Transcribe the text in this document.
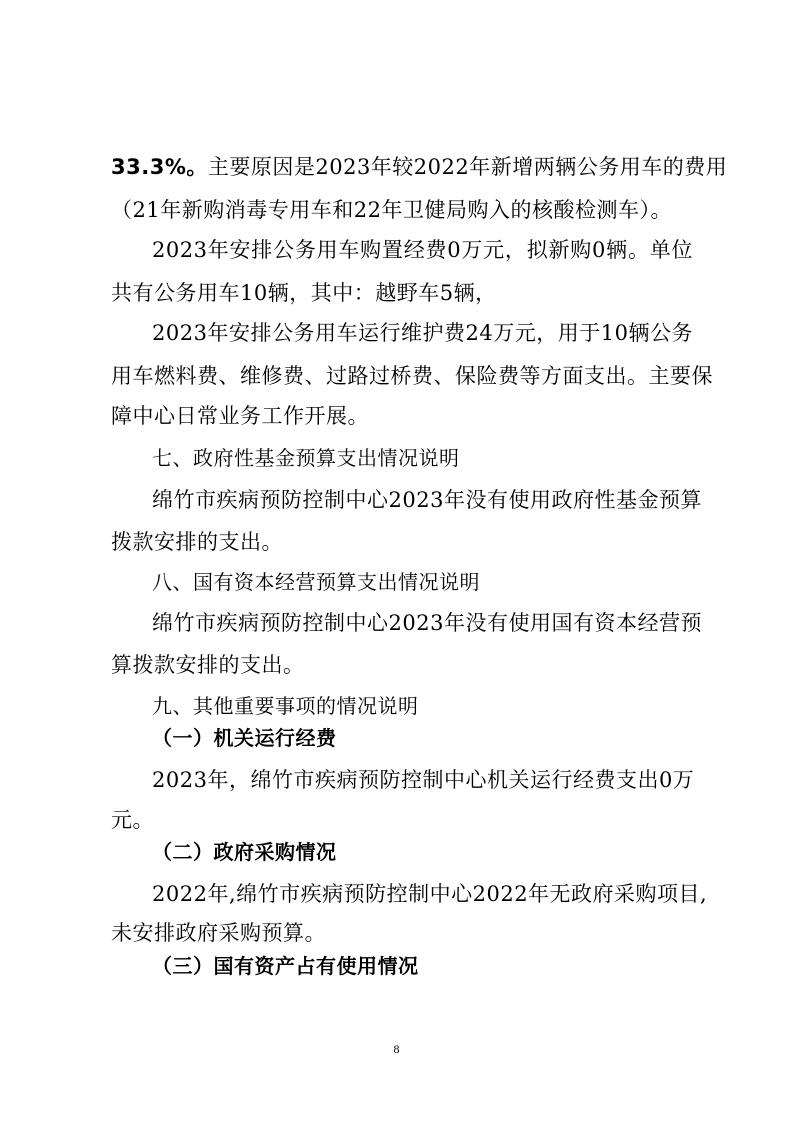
33.3%。主要原因是2023年较2022年新增两辆公务用车的费用

（21年新购消毒专用车和22年卫健局购入的核酸检测车）。

2023年安排公务用车购置经费0万元，拟新购0辆。单位

共有公务用车10辆，其中：越野车5辆，

2023年安排公务用车运行维护费24万元，用于10辆公务

用车燃料费、维修费、过路过桥费、保险费等方面支出。主要保

障中心日常业务工作开展。

七、政府性基金预算支出情况说明

绵竹市疾病预防控制中心2023年没有使用政府性基金预算

拨款安排的支出。

八、国有资本经营预算支出情况说明

绵竹市疾病预防控制中心2023年没有使用国有资本经营预

算拨款安排的支出。

九、其他重要事项的情况说明

（一）机关运行经费

2023年，绵竹市疾病预防控制中心机关运行经费支出0万

元。

（二）政府采购情况

2022年,绵竹市疾病预防控制中心2022年无政府采购项目,

未安排政府采购预算。

（三）国有资产占有使用情况

8
